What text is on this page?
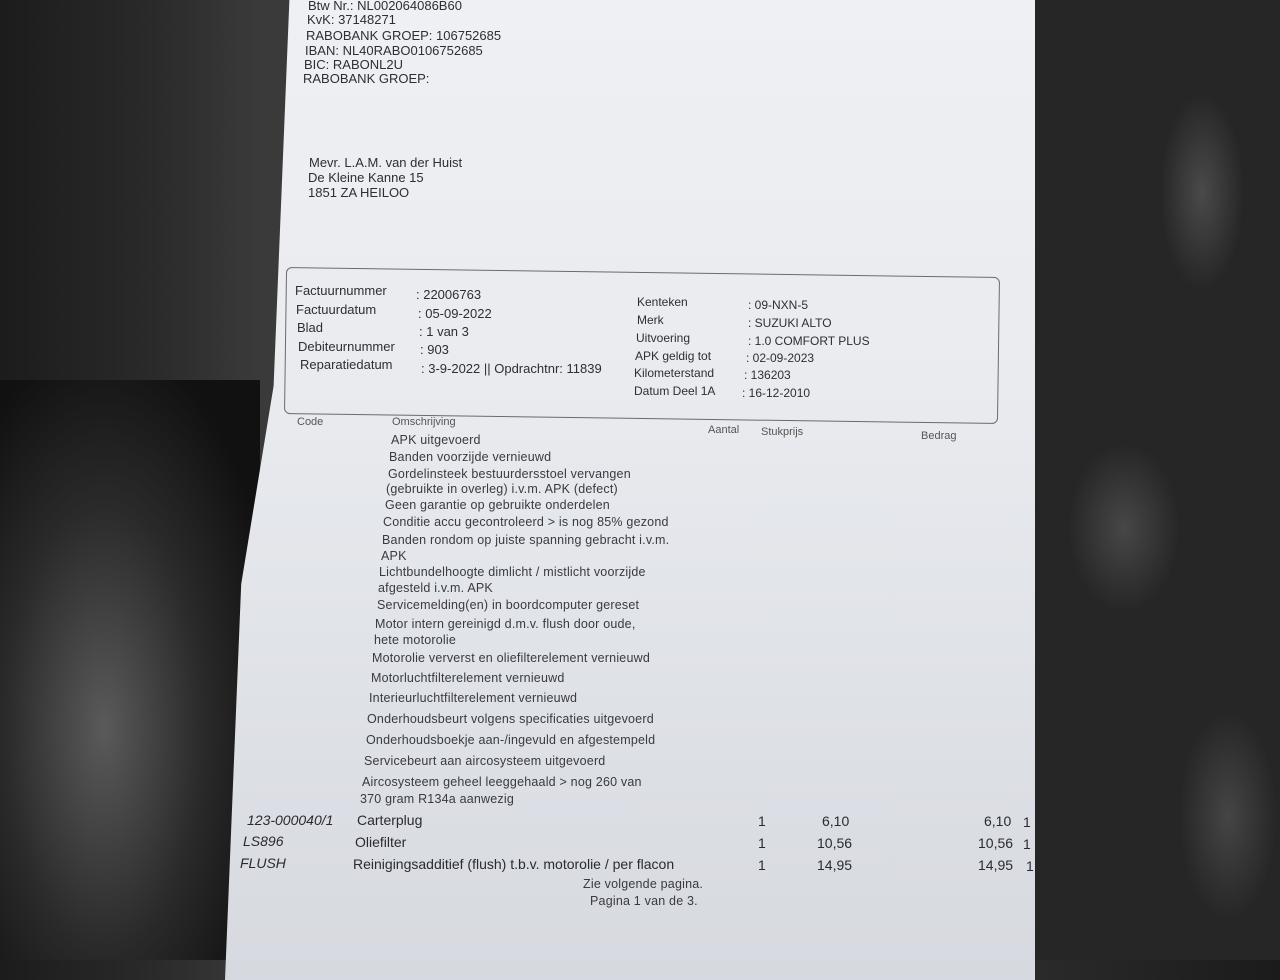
Btw Nr.: NL002064086B60
KvK: 37148271
RABOBANK GROEP: 106752685
IBAN: NL40RABO0106752685
BIC: RABONL2U
RABOBANK GROEP:
Mevr. L.A.M. van der Huist
De Kleine Kanne 15
1851 ZA HEILOO
Factuurnummer : 22006763
Factuurdatum	: 05-09-2022
Blad	: 1 van 3
Debiteurnummer : 903
Reparatiedatum : 3-9-2022 || Opdrachtnr: 11839
Kenteken	: 09-NXN-5
Merk	: SUZUKI ALTO
Uitvoering	: 1.0 COMFORT PLUS
APK geldig tot	: 02-09-2023
Kilometerstand : 136203
Datum Deel 1A : 16-12-2010
Code	Omschrijving
Aantal Stukprijs	Bedrag
APK uitgevoerd
Banden voorzijde vernieuwd
Gordelinsteek bestuurdersstoel vervangen
(gebruikte in overleg) i.v.m. APK (defect)
Geen garantie op gebruikte onderdelen
Conditie accu gecontroleerd > is nog 85% gezond
Banden rondom op juiste spanning gebracht i.v.m.
APK
Lichtbundelhoogte dimlicht / mistlicht voorzijde
afgesteld i.v.m. APK
Servicemelding(en) in boordcomputer gereset
Motor intern gereinigd d.m.v. flush door oude,
hete motorolie
Motorolie ververst en oliefilterelement vernieuwd
Motorluchtfilterelement vernieuwd
Interieurluchtfilterelement vernieuwd
Onderhoudsbeurt volgens specificaties uitgevoerd
Onderhoudsboekje aan-/ingevuld en afgestempeld
Servicebeurt aan aircosysteem uitgevoerd
Aircosysteem geheel leeggehaald > nog 260 van
370 gram R134a aanwezig
123-000040/1 Carterplug	1	6,10	6,10 1
LS896	Oliefilter	1	10,56	10,56 1
FLUSH	Reinigingsadditief (flush) t.b.v. motorolie / per flacon	1	14,95	14,95 1
Zie volgende pagina.
Pagina 1 van de 3.
